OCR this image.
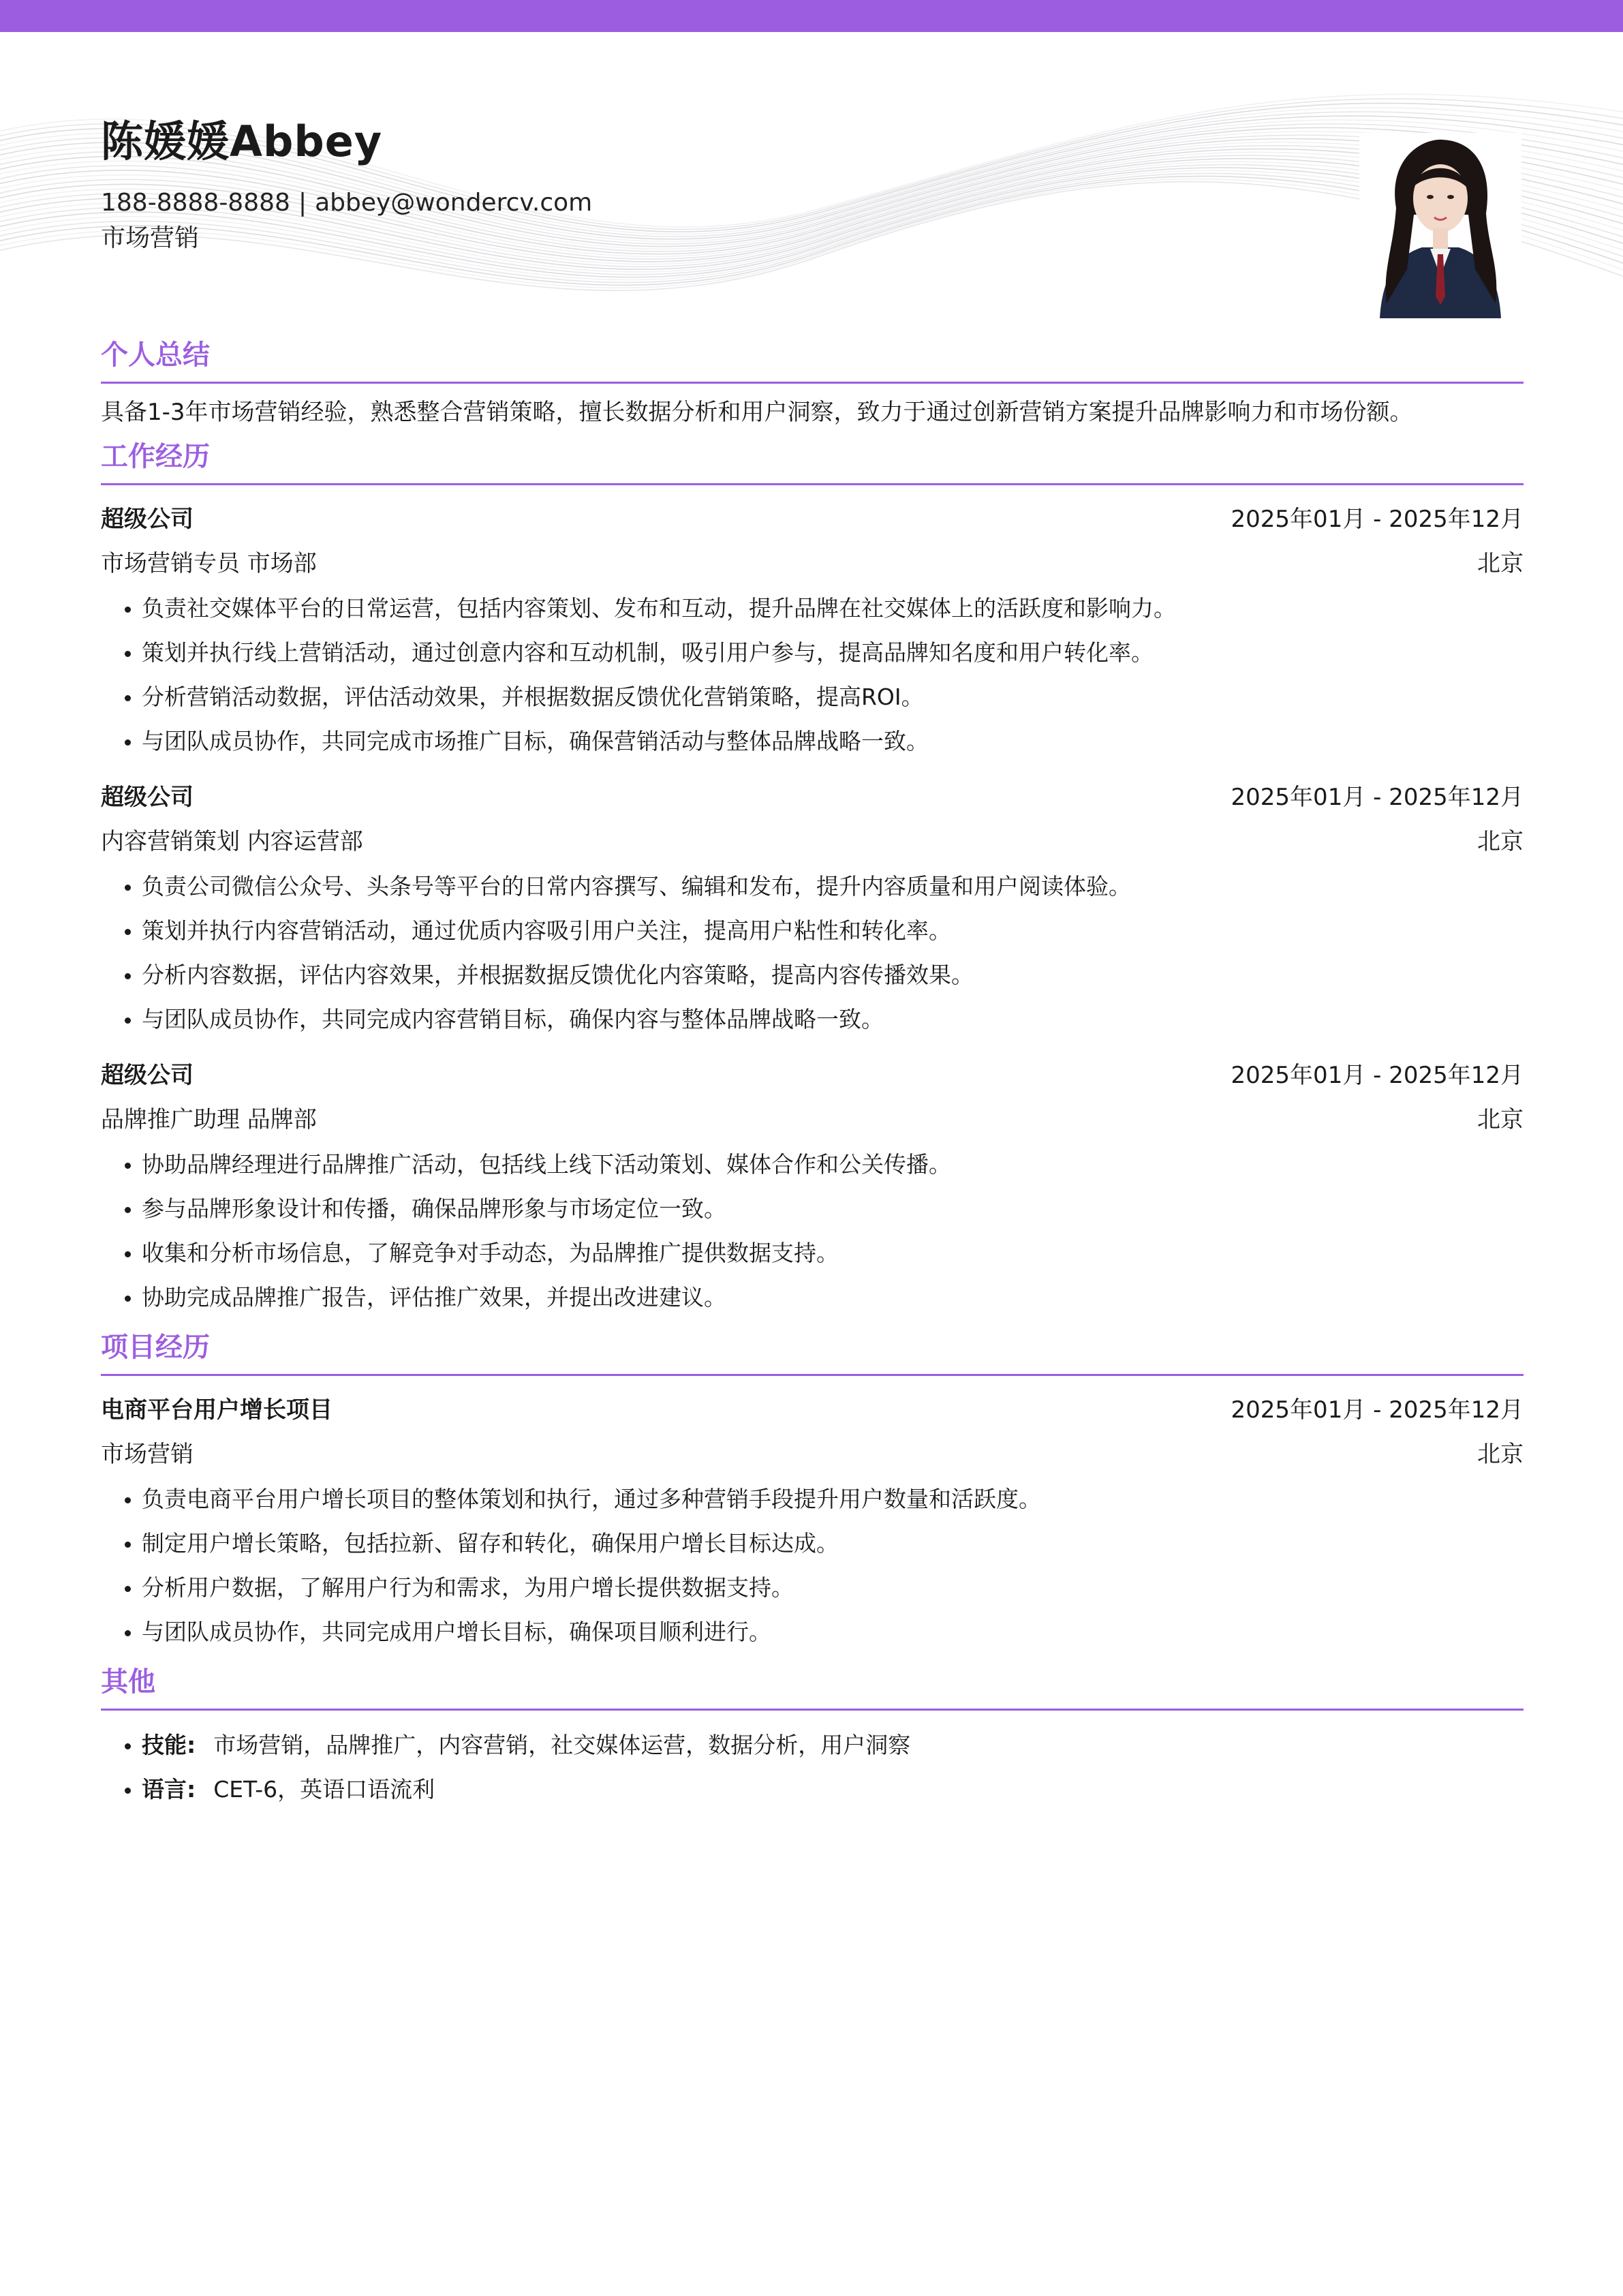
陈媛媛Abbey
188-8888-8888 | abbey@wondercv.com
市场营销
个人总结
具备1-3年市场营销经验，熟悉整合营销策略，擅长数据分析和用户洞察，致力于通过创新营销方案提升品牌影响力和市场份额。
工作经历
超级公司	2025年01月 - 2025年12月
市场营销专员 市场部	北京
• 负责社交媒体平台的日常运营，包括内容策划、发布和互动，提升品牌在社交媒体上的活跃度和影响力。
• 策划并执行线上营销活动，通过创意内容和互动机制，吸引用户参与，提高品牌知名度和用户转化率。
• 分析营销活动数据，评估活动效果，并根据数据反馈优化营销策略，提高ROI。
• 与团队成员协作，共同完成市场推广目标，确保营销活动与整体品牌战略一致。
超级公司	2025年01月 - 2025年12月
内容营销策划 内容运营部	北京
• 负责公司微信公众号、头条号等平台的日常内容撰写、编辑和发布，提升内容质量和用户阅读体验。
• 策划并执行内容营销活动，通过优质内容吸引用户关注，提高用户粘性和转化率。
• 分析内容数据，评估内容效果，并根据数据反馈优化内容策略，提高内容传播效果。
• 与团队成员协作，共同完成内容营销目标，确保内容与整体品牌战略一致。
超级公司	2025年01月 - 2025年12月
品牌推广助理 品牌部	北京
• 协助品牌经理进行品牌推广活动，包括线上线下活动策划、媒体合作和公关传播。
• 参与品牌形象设计和传播，确保品牌形象与市场定位一致。
• 收集和分析市场信息，了解竞争对手动态，为品牌推广提供数据支持。
• 协助完成品牌推广报告，评估推广效果，并提出改进建议。
项目经历
电商平台用户增长项目	2025年01月 - 2025年12月
市场营销	北京
• 负责电商平台用户增长项目的整体策划和执行，通过多种营销手段提升用户数量和活跃度。
• 制定用户增长策略，包括拉新、留存和转化，确保用户增长目标达成。
• 分析用户数据，了解用户行为和需求，为用户增长提供数据支持。
• 与团队成员协作，共同完成用户增长目标，确保项目顺利进行。
其他
• 技能: 市场营销，品牌推广，内容营销，社交媒体运营，数据分析，用户洞察
• 语言: CET-6，英语口语流利
